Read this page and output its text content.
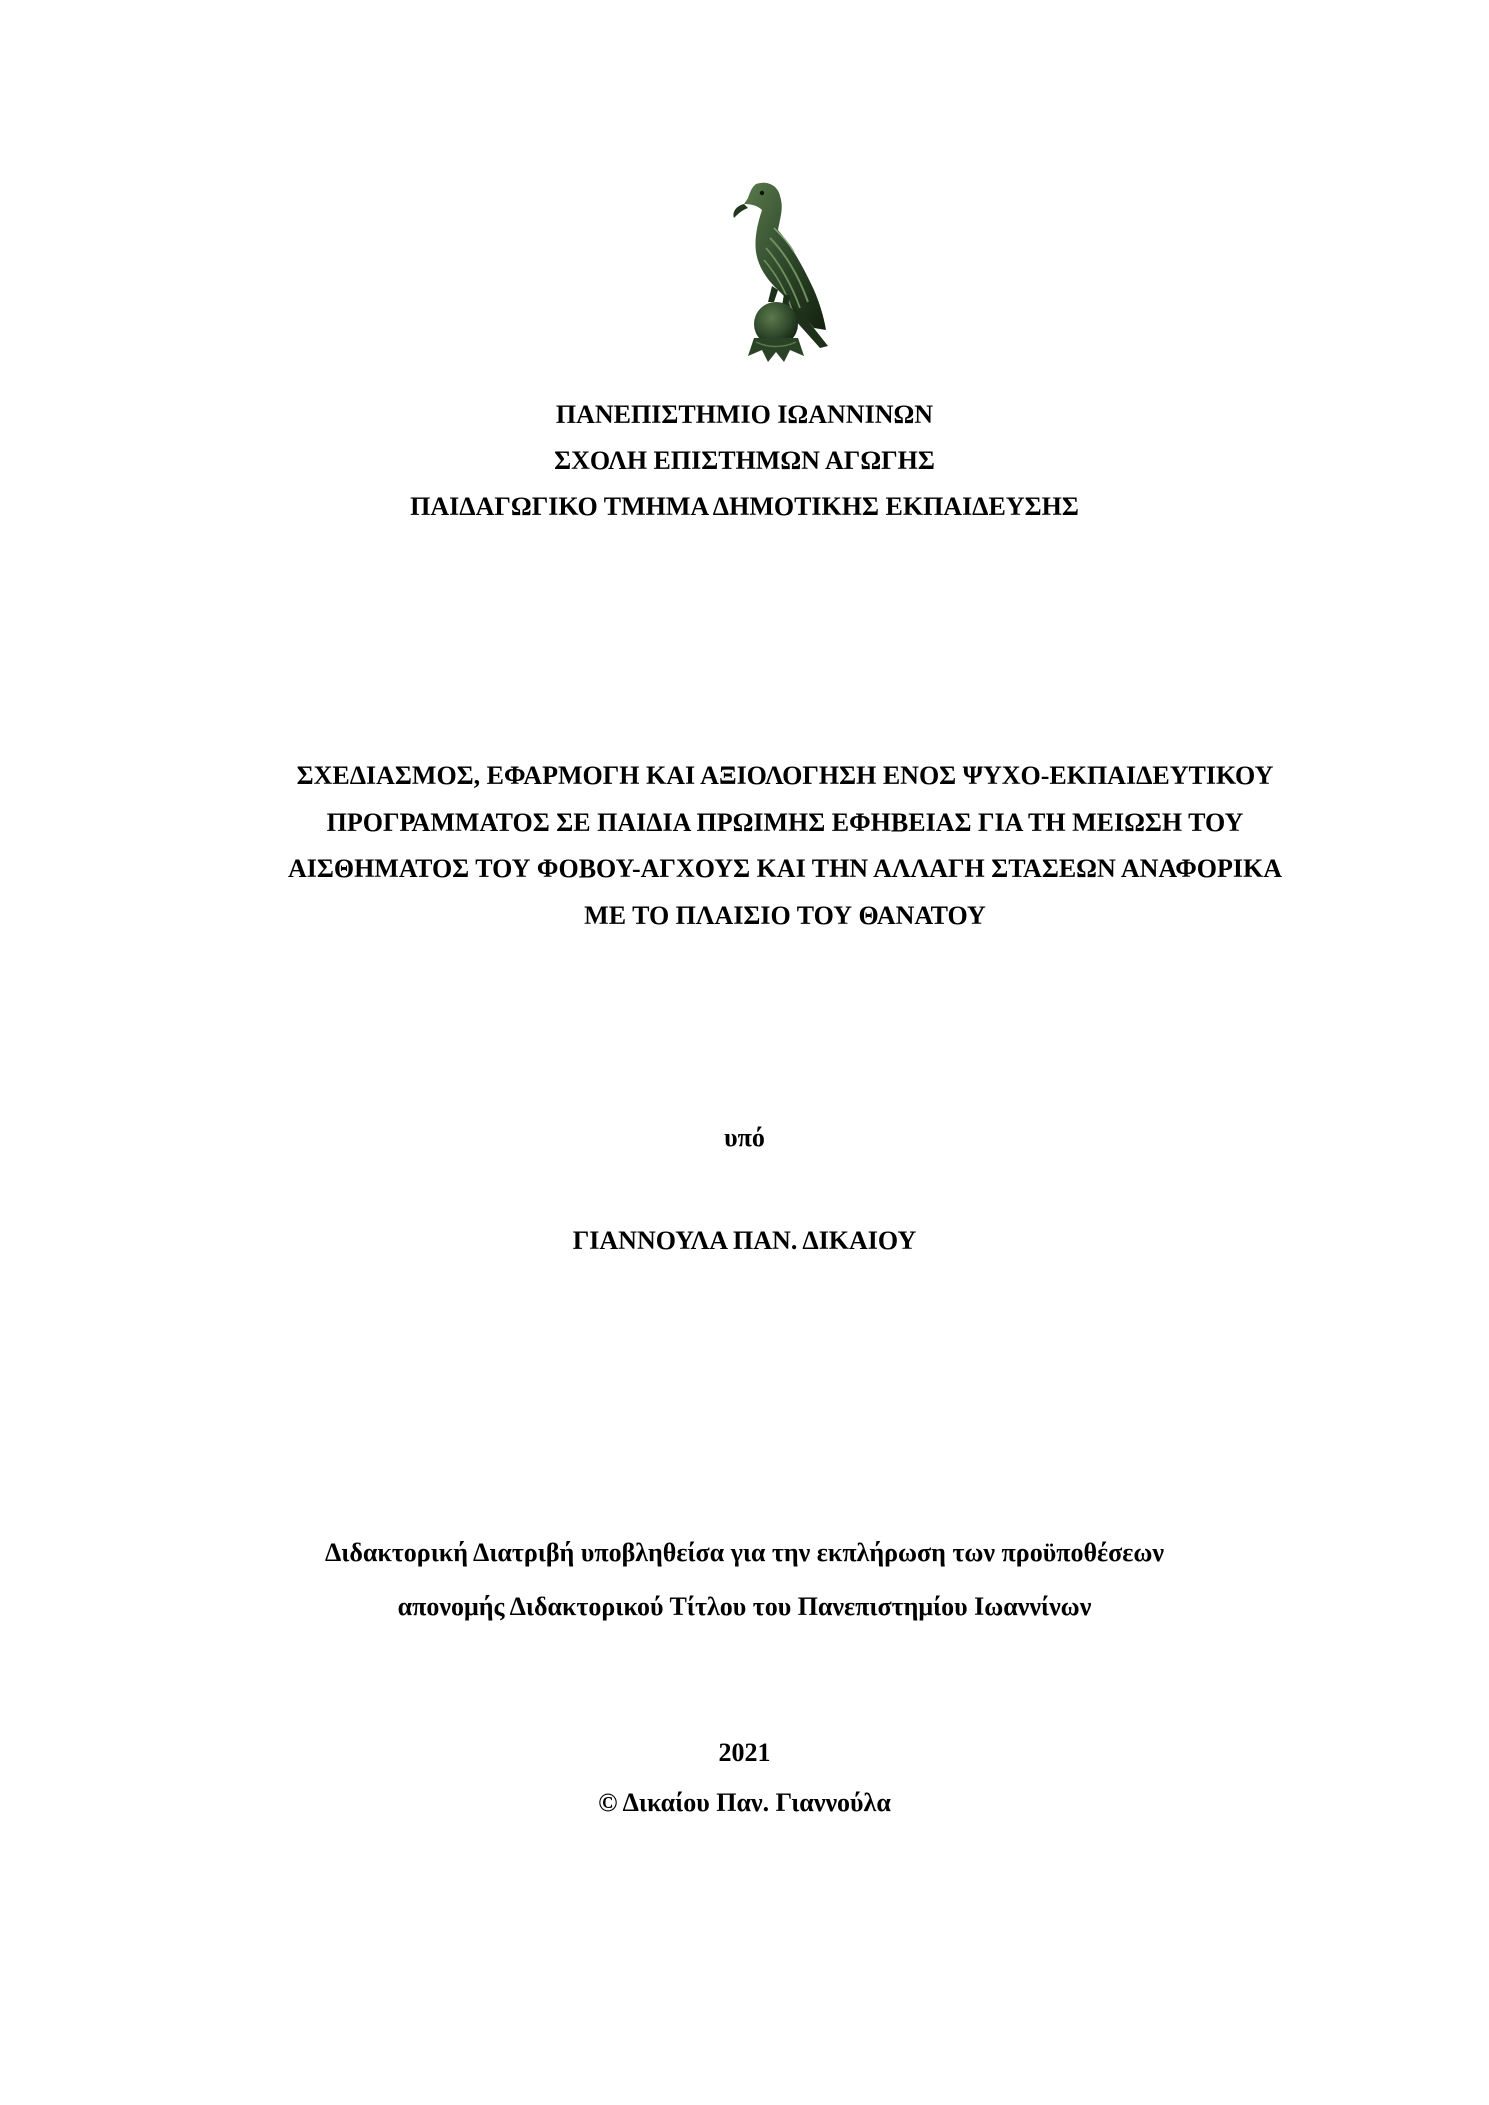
ΠΑΝΕΠΙΣΤΗΜΙΟ ΙΩΑΝΝΙΝΩΝ
ΣΧΟΛΗ ΕΠΙΣΤΗΜΩΝ ΑΓΩΓΗΣ
ΠΑΙΔΑΓΩΓΙΚΟ ΤΜΗΜΑ ΔΗΜΟΤΙΚΗΣ ΕΚΠΑΙΔΕΥΣΗΣ
ΣΧΕΔΙΑΣΜΟΣ, ΕΦΑΡΜΟΓΗ ΚΑΙ ΑΞΙΟΛΟΓΗΣΗ ΕΝΟΣ ΨΥΧΟ-ΕΚΠΑΙΔΕΥΤΙΚΟΥ
ΠΡΟΓΡΑΜΜΑΤΟΣ ΣΕ ΠΑΙΔΙΑ ΠΡΩΙΜΗΣ ΕΦΗΒΕΙΑΣ ΓΙΑ ΤΗ ΜΕΙΩΣΗ ΤΟΥ
ΑΙΣΘΗΜΑΤΟΣ ΤΟΥ ΦΟΒΟΥ-ΑΓΧΟΥΣ ΚΑΙ ΤΗΝ ΑΛΛΑΓΗ ΣΤΑΣΕΩΝ ΑΝΑΦΟΡΙΚΑ
ΜΕ ΤΟ ΠΛΑΙΣΙΟ ΤΟΥ ΘΑΝΑΤΟΥ
υπό
ΓΙΑΝΝΟΥΛΑ ΠΑΝ. ΔΙΚΑΙΟΥ
Διδακτορική Διατριβή υποβληθείσα για την εκπλήρωση των προϋποθέσεων
απονομής Διδακτορικού Τίτλου του Πανεπιστημίου Ιωαννίνων
2021
© Δικαίου Παν. Γιαννούλα
